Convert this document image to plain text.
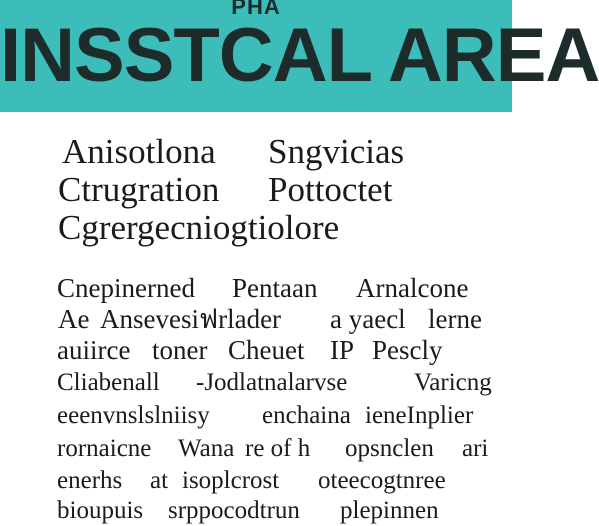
PHA
INSSTCAL AREA
Anisotlona Sngvicias
Ctrugration Pottoctet
Cgrergecniogtiolore
Cnepinerned Pentaan Arnalcone
Ae Ansevesiฟrlader a yaecl lerne
auiirce toner Cheuet IP Pescly
Cliabenall -Jodlatnalarvse	Varicng
eeenvnslslniisy enchaina ieneInplier
rornaicne Wana re of h opsnclen ari
enerhs at isoplcrost oteecogtnree
bioupuis srppocodtrun plepinnen
